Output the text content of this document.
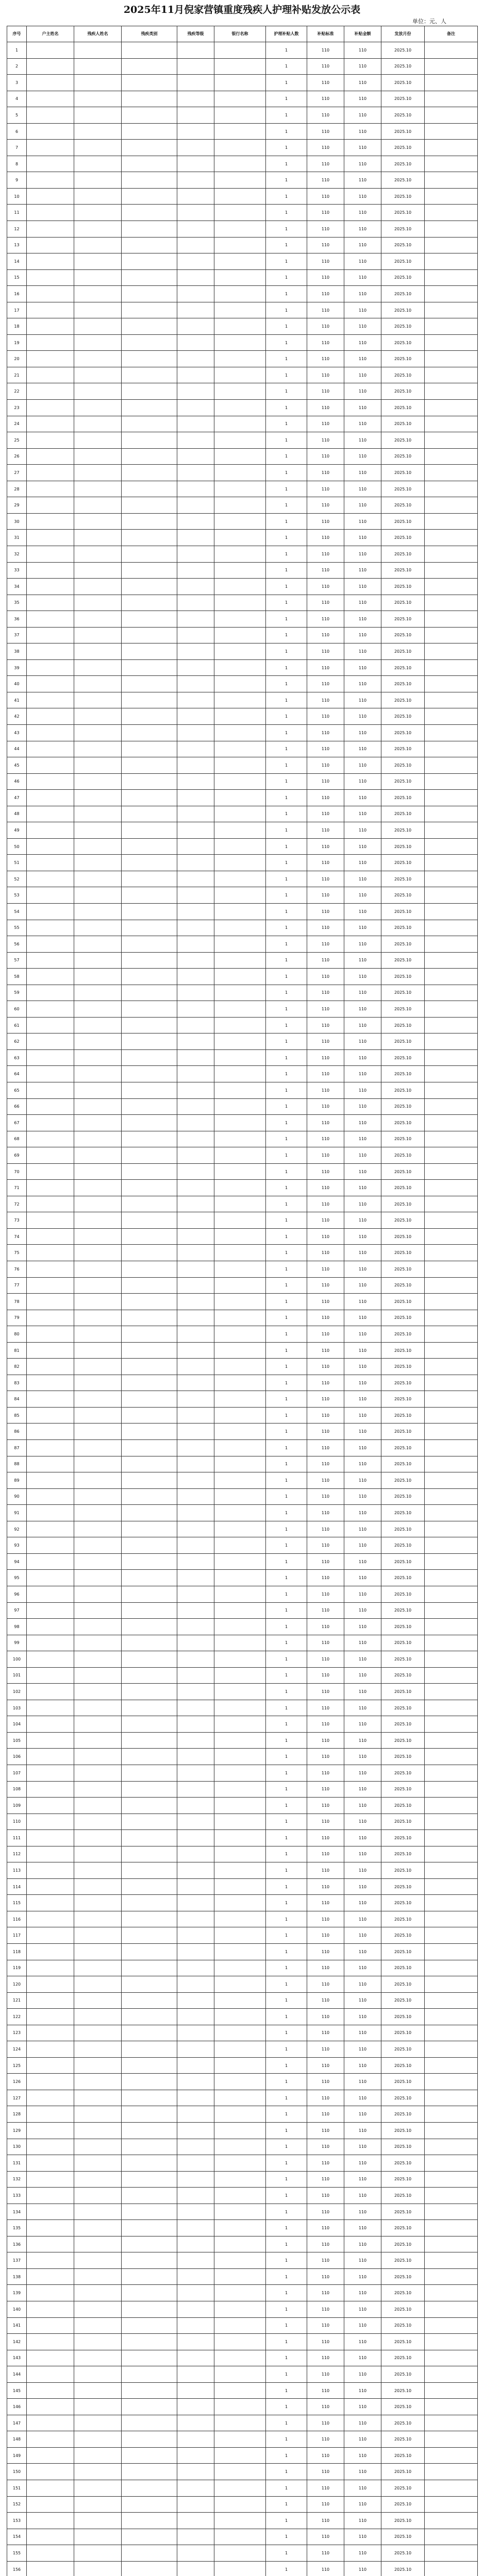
2025年11月倪家营镇重度残疾人护理补贴发放公示表
单位：元、人
序号	户主姓名	残疾人姓名	残疾类别	残疾等级	银行名称	护理补贴人数	补贴标准	补贴金额	发放月份	备注
1						1	110	110	2025.10	
2						1	110	110	2025.10	
3						1	110	110	2025.10	
4						1	110	110	2025.10	
5						1	110	110	2025.10	
6						1	110	110	2025.10	
7						1	110	110	2025.10	
8						1	110	110	2025.10	
9						1	110	110	2025.10	
10						1	110	110	2025.10	
11						1	110	110	2025.10	
12						1	110	110	2025.10	
13						1	110	110	2025.10	
14						1	110	110	2025.10	
15						1	110	110	2025.10	
16						1	110	110	2025.10	
17						1	110	110	2025.10	
18						1	110	110	2025.10	
19						1	110	110	2025.10	
20						1	110	110	2025.10	
21						1	110	110	2025.10	
22						1	110	110	2025.10	
23						1	110	110	2025.10	
24						1	110	110	2025.10	
25						1	110	110	2025.10	
26						1	110	110	2025.10	
27						1	110	110	2025.10	
28						1	110	110	2025.10	
29						1	110	110	2025.10	
30						1	110	110	2025.10	
31						1	110	110	2025.10	
32						1	110	110	2025.10	
33						1	110	110	2025.10	
34						1	110	110	2025.10	
35						1	110	110	2025.10	
36						1	110	110	2025.10	
37						1	110	110	2025.10	
38						1	110	110	2025.10	
39						1	110	110	2025.10	
40						1	110	110	2025.10	
41						1	110	110	2025.10	
42						1	110	110	2025.10	
43						1	110	110	2025.10	
44						1	110	110	2025.10	
45						1	110	110	2025.10	
46						1	110	110	2025.10	
47						1	110	110	2025.10	
48						1	110	110	2025.10	
49						1	110	110	2025.10	
50						1	110	110	2025.10	
51						1	110	110	2025.10	
52						1	110	110	2025.10	
53						1	110	110	2025.10	
54						1	110	110	2025.10	
55						1	110	110	2025.10	
56						1	110	110	2025.10	
57						1	110	110	2025.10	
58						1	110	110	2025.10	
59						1	110	110	2025.10	
60						1	110	110	2025.10	
61						1	110	110	2025.10	
62						1	110	110	2025.10	
63						1	110	110	2025.10	
64						1	110	110	2025.10	
65						1	110	110	2025.10	
66						1	110	110	2025.10	
67						1	110	110	2025.10	
68						1	110	110	2025.10	
69						1	110	110	2025.10	
70						1	110	110	2025.10	
71						1	110	110	2025.10	
72						1	110	110	2025.10	
73						1	110	110	2025.10	
74						1	110	110	2025.10	
75						1	110	110	2025.10	
76						1	110	110	2025.10	
77						1	110	110	2025.10	
78						1	110	110	2025.10	
79						1	110	110	2025.10	
80						1	110	110	2025.10	
81						1	110	110	2025.10	
82						1	110	110	2025.10	
83						1	110	110	2025.10	
84						1	110	110	2025.10	
85						1	110	110	2025.10	
86						1	110	110	2025.10	
87						1	110	110	2025.10	
88						1	110	110	2025.10	
89						1	110	110	2025.10	
90						1	110	110	2025.10	
91						1	110	110	2025.10	
92						1	110	110	2025.10	
93						1	110	110	2025.10	
94						1	110	110	2025.10	
95						1	110	110	2025.10	
96						1	110	110	2025.10	
97						1	110	110	2025.10	
98						1	110	110	2025.10	
99						1	110	110	2025.10	
100						1	110	110	2025.10	
101						1	110	110	2025.10	
102						1	110	110	2025.10	
103						1	110	110	2025.10	
104						1	110	110	2025.10	
105						1	110	110	2025.10	
106						1	110	110	2025.10	
107						1	110	110	2025.10	
108						1	110	110	2025.10	
109						1	110	110	2025.10	
110						1	110	110	2025.10	
111						1	110	110	2025.10	
112						1	110	110	2025.10	
113						1	110	110	2025.10	
114						1	110	110	2025.10	
115						1	110	110	2025.10	
116						1	110	110	2025.10	
117						1	110	110	2025.10	
118						1	110	110	2025.10	
119						1	110	110	2025.10	
120						1	110	110	2025.10	
121						1	110	110	2025.10	
122						1	110	110	2025.10	
123						1	110	110	2025.10	
124						1	110	110	2025.10	
125						1	110	110	2025.10	
126						1	110	110	2025.10	
127						1	110	110	2025.10	
128						1	110	110	2025.10	
129						1	110	110	2025.10	
130						1	110	110	2025.10	
131						1	110	110	2025.10	
132						1	110	110	2025.10	
133						1	110	110	2025.10	
134						1	110	110	2025.10	
135						1	110	110	2025.10	
136						1	110	110	2025.10	
137						1	110	110	2025.10	
138						1	110	110	2025.10	
139						1	110	110	2025.10	
140						1	110	110	2025.10	
141						1	110	110	2025.10	
142						1	110	110	2025.10	
143						1	110	110	2025.10	
144						1	110	110	2025.10	
145						1	110	110	2025.10	
146						1	110	110	2025.10	
147						1	110	110	2025.10	
148						1	110	110	2025.10	
149						1	110	110	2025.10	
150						1	110	110	2025.10	
151						1	110	110	2025.10	
152						1	110	110	2025.10	
153						1	110	110	2025.10	
154						1	110	110	2025.10	
155						1	110	110	2025.10	
156						1	110	110	2025.10	
